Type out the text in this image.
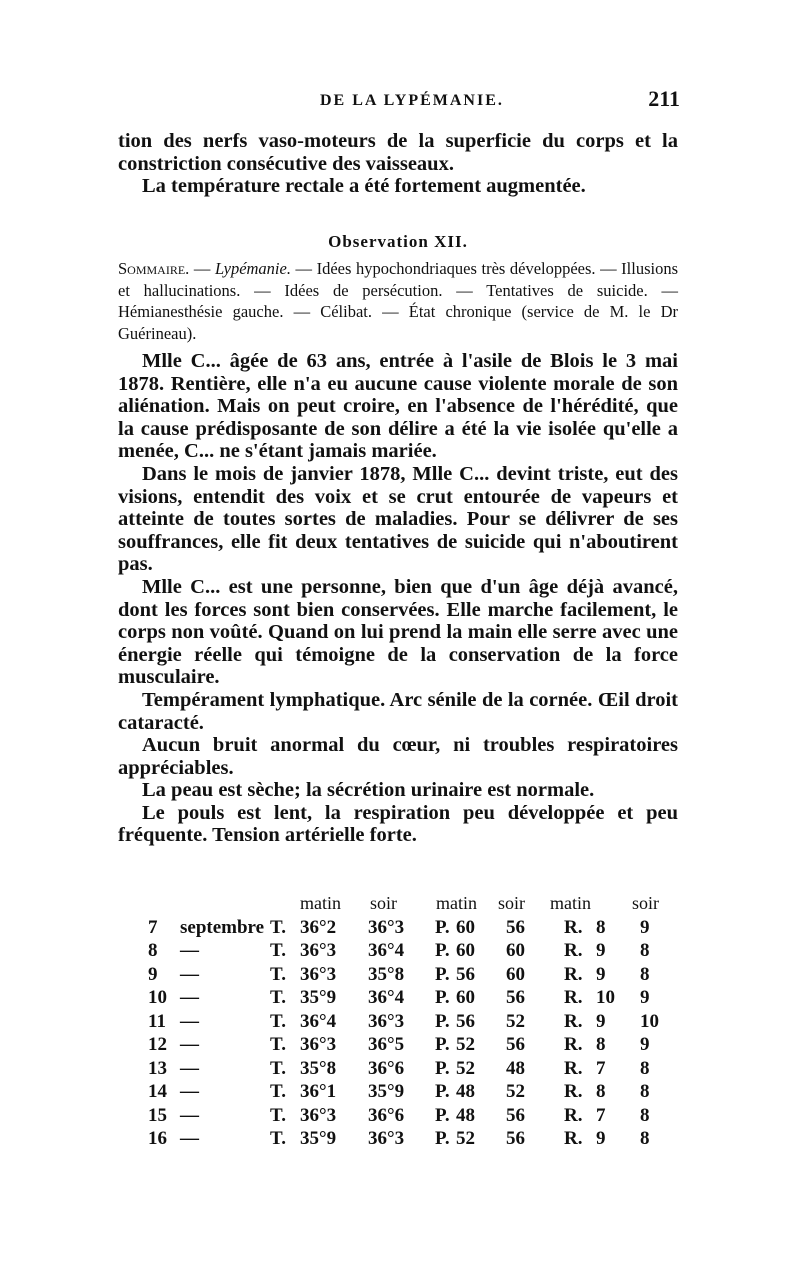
DE LA LYPÉMANIE.	211

tion des nerfs vaso-moteurs de la superficie du corps et la constriction consécutive des vaisseaux.

La température rectale a été fortement augmentée.

Observation XII.

Sommaire. — Lypémanie. — Idées hypochondriaques très développées. — Illusions et hallucinations. — Idées de persécution. — Tentatives de suicide. — Hémianesthésie gauche. — Célibat. — État chronique (service de M. le Dr Guérineau).

Mlle C... âgée de 63 ans, entrée à l'asile de Blois le 3 mai 1878. Rentière, elle n'a eu aucune cause violente morale de son aliénation. Mais on peut croire, en l'absence de l'hérédité, que la cause prédisposante de son délire a été la vie isolée qu'elle a menée, C... ne s'étant jamais mariée.

Dans le mois de janvier 1878, Mlle C... devint triste, eut des visions, entendit des voix et se crut entourée de vapeurs et atteinte de toutes sortes de maladies. Pour se délivrer de ses souffrances, elle fit deux tentatives de suicide qui n'aboutirent pas.

Mlle C... est une personne, bien que d'un âge déjà avancé, dont les forces sont bien conservées. Elle marche facilement, le corps non voûté. Quand on lui prend la main elle serre avec une énergie réelle qui témoigne de la conservation de la force musculaire.

Tempérament lymphatique. Arc sénile de la cornée. Œil droit cataracté.

Aucun bruit anormal du cœur, ni troubles respiratoires appréciables.

La peau est sèche; la sécrétion urinaire est normale.

Le pouls est lent, la respiration peu développée et peu fréquente. Tension artérielle forte.

matin soir matin soir matin soir
7 septembre T. 36°2 36°3 P. 60 56 R. 8 9
8 —	T. 36°3 36°4 P. 60 60 R. 9 8
9 —	T. 36°3 35°8 P. 56 60 R. 9 8
10 —	T. 35°9 36°4 P. 60 56 R. 10 9
11 —	T. 36°4 36°3 P. 56 52 R. 9 10
12 —	T. 36°3 36°5 P. 52 56 R. 8 9
13 —	T. 35°8 36°6 P. 52 48 R. 7 8
14 —	T. 36°1 35°9 P. 48 52 R. 8 8
15 —	T. 36°3 36°6 P. 48 56 R. 7 8
16 —	T. 35°9 36°3 P. 52 56 R. 9 8
